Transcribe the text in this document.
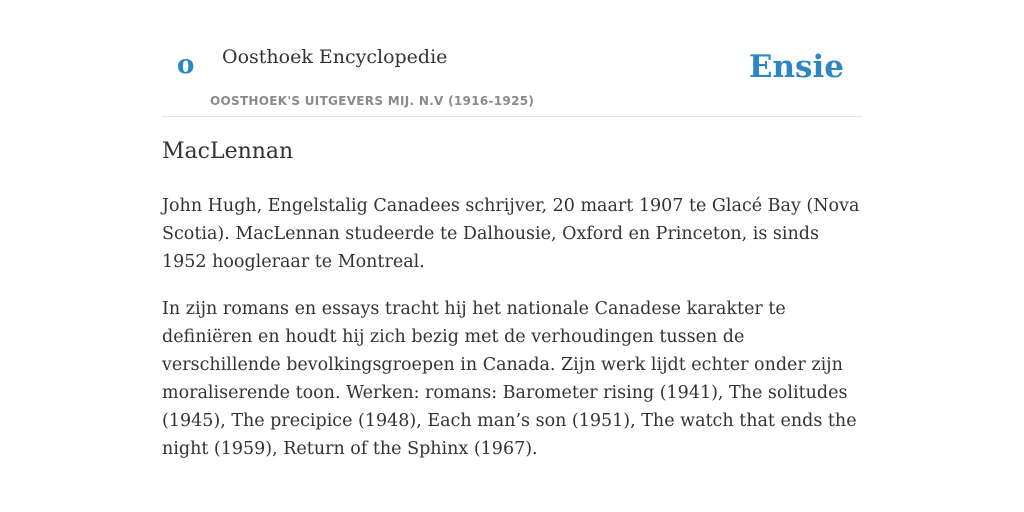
o Oosthoek Encyclopedie
OOSTHOEK'S UITGEVERS MIJ. N.V (1916-1925)
Ensie
MacLennan

John Hugh, Engelstalig Canadees schrijver, 20 maart 1907 te Glacé Bay (Nova Scotia). MacLennan studeerde te Dalhousie, Oxford en Princeton, is sinds 1952 hoogleraar te Montreal.

In zijn romans en essays tracht hij het nationale Canadese karakter te definiëren en houdt hij zich bezig met de verhoudingen tussen de verschillende bevolkingsgroepen in Canada. Zijn werk lijdt echter onder zijn moraliserende toon. Werken: romans: Barometer rising (1941), The solitudes (1945), The precipice (1948), Each man’s son (1951), The watch that ends the night (1959), Return of the Sphinx (1967).
